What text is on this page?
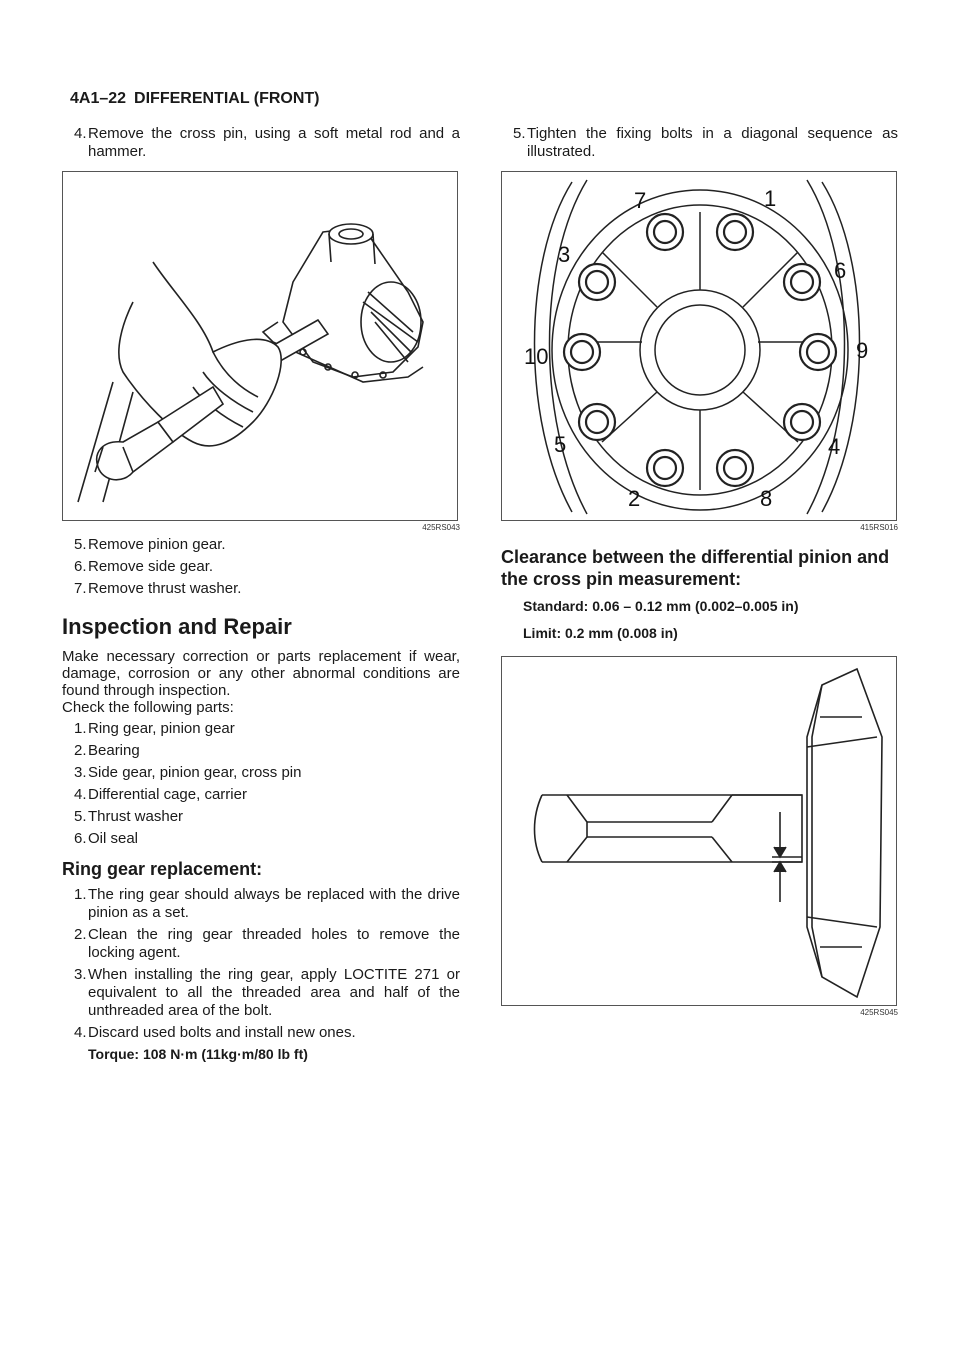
4A1–22 DIFFERENTIAL (FRONT)
4 . Remove the cross pin, using a soft metal rod and a hammer.
425RS043
5 . Remove pinion gear.
6 . Remove side gear.
7 . Remove thrust washer.
Inspection and Repair

Make necessary correction or parts replacement if wear, damage, corrosion or any other abnormal conditions are found through inspection.

Check the following parts:

1 . Ring gear, pinion gear
2 . Bearing
3 . Side gear, pinion gear, cross pin
4 . Differential cage, carrier
5 . Thrust washer
6 . Oil seal
Ring gear replacement:
1 . The ring gear should always be replaced with the drive pinion as a set.
2 . Clean the ring gear threaded holes to remove the locking agent.
3 . When installing the ring gear, apply LOCTITE 271 or equivalent to all the threaded area and half of the unthreaded area of the bolt.
4 . Discard used bolts and install new ones.
Torque: 108 N·m (11kg·m/80 lb ft)
5 . Tighten the fixing bolts in a diagonal sequence as illustrated.
7	1
3
6
10	9
5	4
2	8
415RS016
Clearance between the differential pinion and the cross pin measurement:
Standard: 0.06 – 0.12 mm (0.002–0.005 in)
Limit: 0.2 mm (0.008 in)
425RS045
